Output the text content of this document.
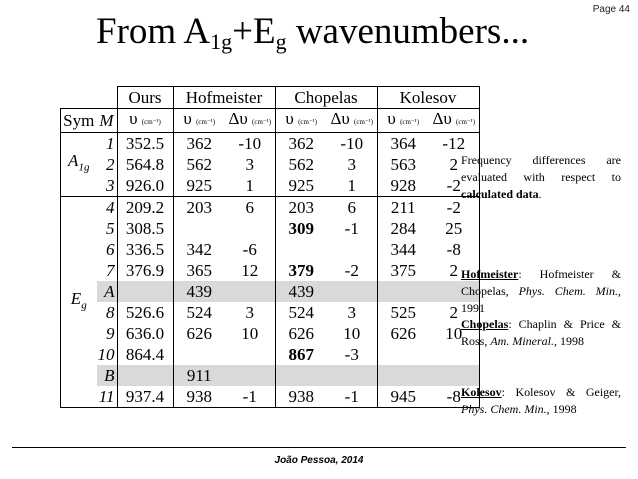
Page 44
From $A_{1g}+E_g$ wavenumbers...
		Ours	Hofmeister		Chopelas		Kolesov	
Sym	M	υ (cm⁻¹)	υ (cm⁻¹)	Δυ (cm⁻¹)	υ (cm⁻¹)	Δυ (cm⁻¹)	υ (cm⁻¹)	Δυ (cm⁻¹)
$A_{1g}$	1	352.5	362	-10	362	-10	364	-12
	2	564.8	562	3	562	3	563	2
	3	926.0	925	1	925	1	928	-2
$E_g$	4	209.2	203	6	203	6	211	-2
	5	308.5			309	-1	284	25
	6	336.5	342	-6			344	-8
	7	376.9	365	12	379	-2	375	2
	A		439		439			
	8	526.6	524	3	524	3	525	2
	9	636.0	626	10	626	10	626	10
	10	864.4			867	-3		
	B		911					
	11	937.4	938	-1	938	-1	945	-8
Frequency differences are evaluated with respect to calculated data.
Hofmeister: Hofmeister & Chopelas, Phys. Chem. Min., 1991
Chopelas: Chaplin & Price & Ross, Am. Mineral., 1998
Kolesov: Kolesov & Geiger, Phys. Chem. Min., 1998
João Pessoa, 2014
